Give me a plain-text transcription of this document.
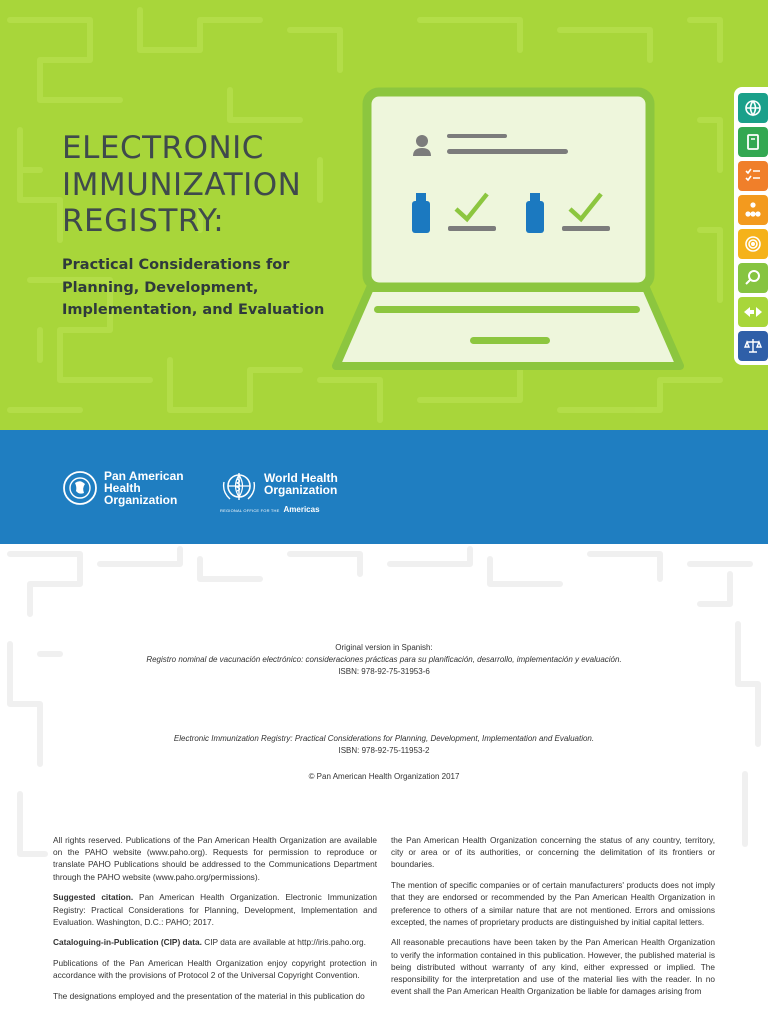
ELECTRONIC
IMMUNIZATION
REGISTRY:
Practical Considerations for
Planning, Development,
Implementation, and Evaluation
Pan American
Health
Organization
World Health
Organization
REGIONAL OFFICE FOR THE Americas
Original version in Spanish:
Registro nominal de vacunación electrónico: consideraciones prácticas para su planificación, desarrollo, implementación y evaluación.
ISBN: 978-92-75-31953-6
Electronic Immunization Registry: Practical Considerations for Planning, Development, Implementation and Evaluation.
ISBN: 978-92-75-11953-2
© Pan American Health Organization 2017

All rights reserved. Publications of the Pan American Health Organization are available on the PAHO website (www.paho.org). Requests for permission to reproduce or translate PAHO Publications should be addressed to the Communications Department through the PAHO website (www.paho.org/permissions).

Suggested citation. Pan American Health Organization. Electronic Immunization Registry: Practical Considerations for Planning, Development, Implementation and Evaluation. Washington, D.C.: PAHO; 2017.

Cataloguing-in-Publication (CIP) data. CIP data are available at http://iris.paho.org.

Publications of the Pan American Health Organization enjoy copyright protection in accordance with the provisions of Protocol 2 of the Universal Copyright Convention.

The designations employed and the presentation of the material in this publication do

the Pan American Health Organization concerning the status of any country, territory, city or area or of its authorities, or concerning the delimitation of its frontiers or boundaries.

The mention of specific companies or of certain manufacturers' products does not imply that they are endorsed or recommended by the Pan American Health Organization in preference to others of a similar nature that are not mentioned. Errors and omissions excepted, the names of proprietary products are distinguished by initial capital letters.

All reasonable precautions have been taken by the Pan American Health Organization to verify the information contained in this publication. However, the published material is being distributed without warranty of any kind, either expressed or implied. The responsibility for the interpretation and use of the material lies with the reader. In no event shall the Pan American Health Organization be liable for damages arising from
